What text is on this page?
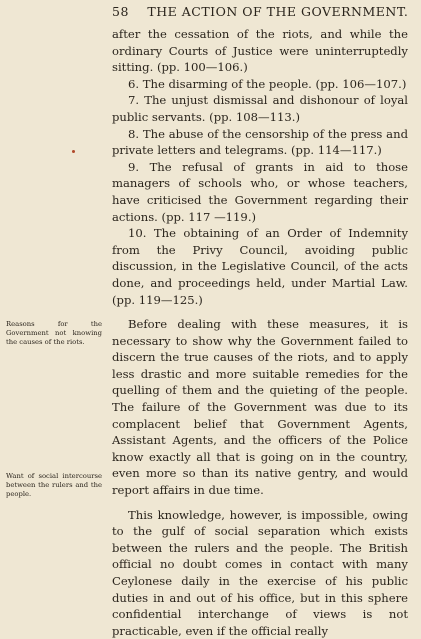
58 THE ACTION OF THE GOVERNMENT.

after the cessation of the riots, and while the ordinary Courts of Justice were uninterruptedly sitting. (pp. 100—106.)

6. The disarming of the people. (pp. 106—107.)

7. The unjust dismissal and dishonour of loyal public servants. (pp. 108—113.)

8. The abuse of the censorship of the press and private letters and telegrams. (pp. 114—117.)

9. The refusal of grants in aid to those managers of schools who, or whose teachers, have criticised the Government regarding their actions. (pp. 117 —119.)

10. The obtaining of an Order of Indemnity from the Privy Council, avoiding public discussion, in the Legislative Council, of the acts done, and proceedings held, under Martial Law. (pp. 119—125.)

Before dealing with these measures, it is necessary to show why the Government failed to discern the true causes of the riots, and to apply less drastic and more suitable remedies for the quelling of them and the quieting of the people. The failure of the Government was due to its complacent belief that Government Agents, Assistant Agents, and the officers of the Police know exactly all that is going on in the country, even more so than its native gentry, and would report affairs in due time.

This knowledge, however, is impossible, owing to the gulf of social separation which exists between the rulers and the people. The British official no doubt comes in contact with many Ceylonese daily in the exercise of his public duties in and out of his office, but in this sphere confidential interchange of views is not practicable, even if the official really

Reasons for the Government not knowing the causes of the riots.
Want of social intercourse between the rulers and the people.
